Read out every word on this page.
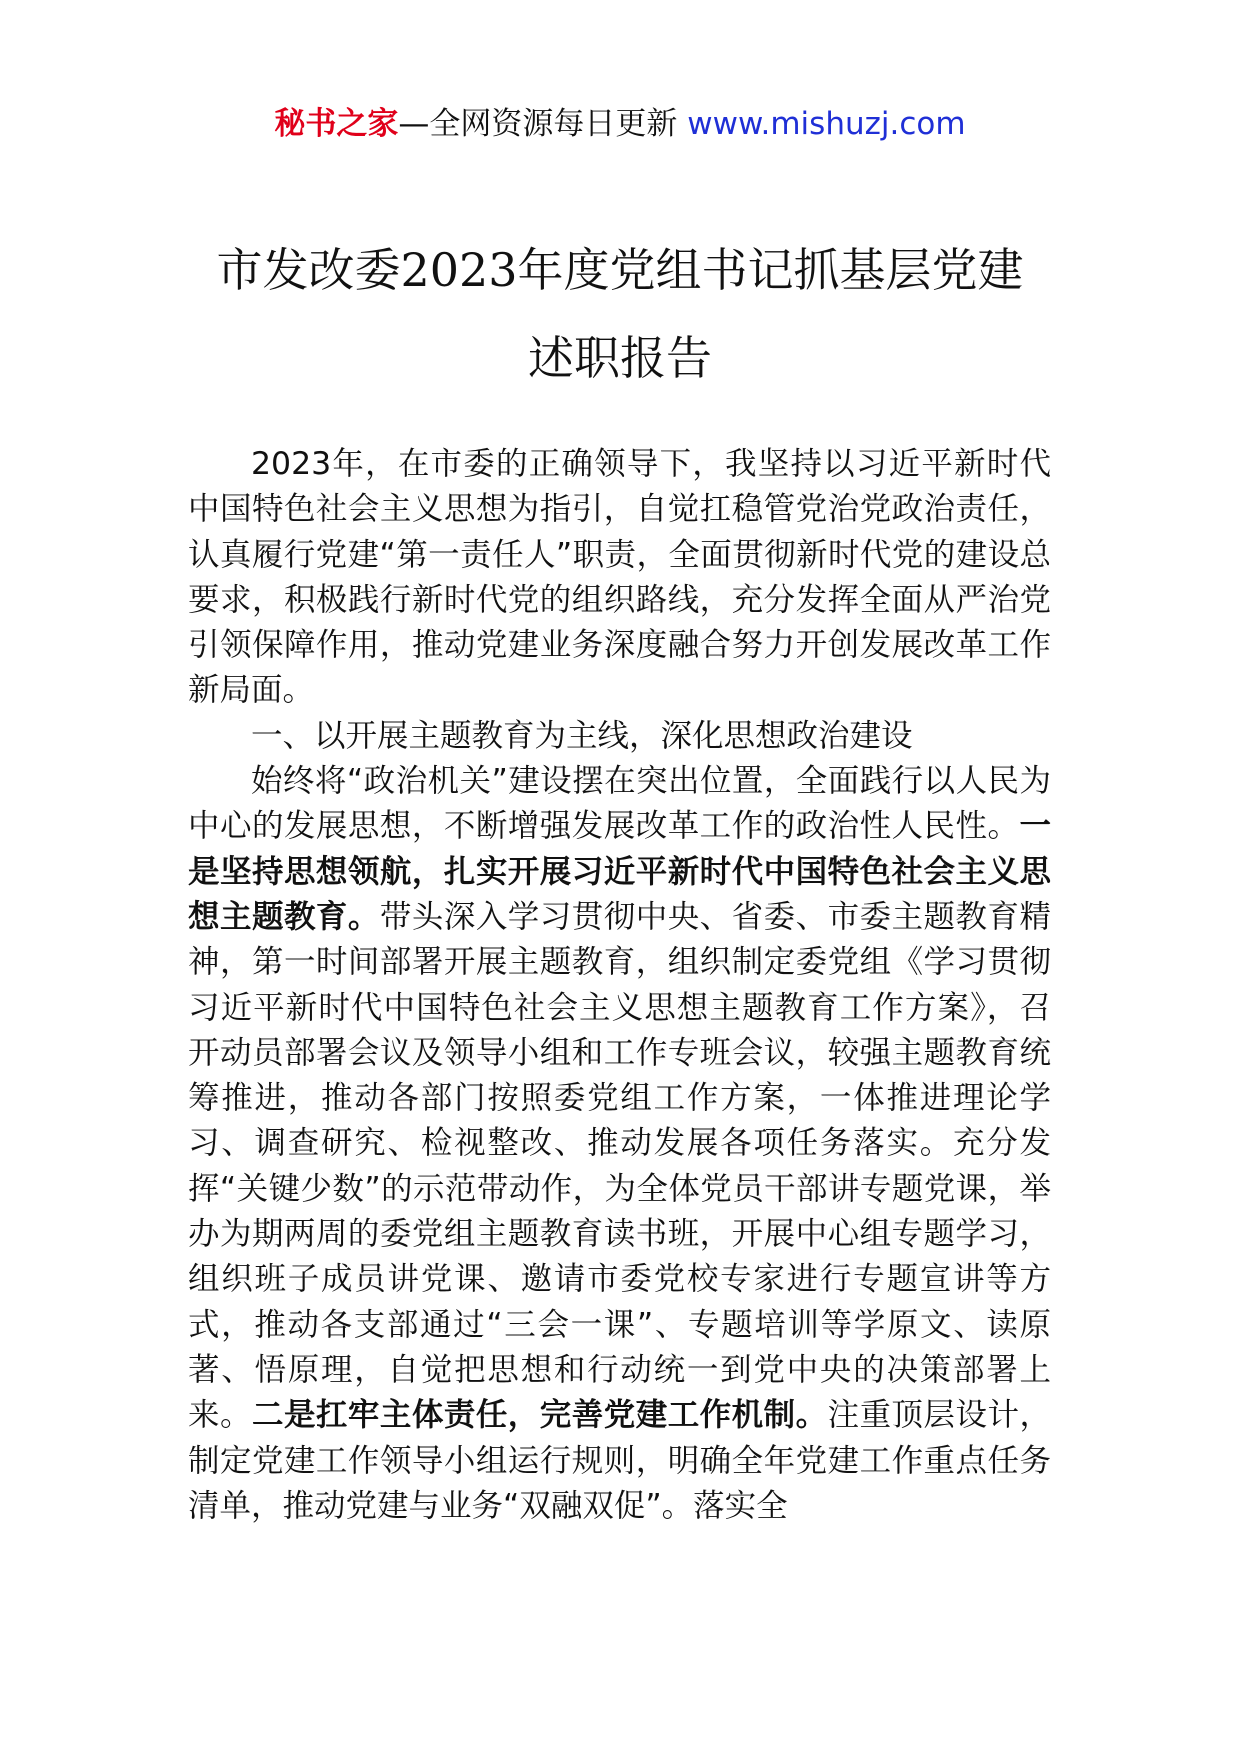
秘书之家—全网资源每日更新 www.mishuzj.com
市发改委2023年度党组书记抓基层党建
述职报告

2023年，在市委的正确领导下，我坚持以习近平新时代中国特色社会主义思想为指引，自觉扛稳管党治党政治责任，认真履行党建“第一责任人”职责，全面贯彻新时代党的建设总要求，积极践行新时代党的组织路线，充分发挥全面从严治党引领保障作用，推动党建业务深度融合努力开创发展改革工作新局面。

一、以开展主题教育为主线，深化思想政治建设

始终将“政治机关”建设摆在突出位置，全面践行以人民为中心的发展思想，不断增强发展改革工作的政治性人民性。一是坚持思想领航，扎实开展习近平新时代中国特色社会主义思想主题教育。带头深入学习贯彻中央、省委、市委主题教育精神，第一时间部署开展主题教育，组织制定委党组《学习贯彻习近平新时代中国特色社会主义思想主题教育工作方案》，召开动员部署会议及领导小组和工作专班会议，较强主题教育统筹推进，推动各部门按照委党组工作方案，一体推进理论学习、调查研究、检视整改、推动发展各项任务落实。充分发挥“关键少数”的示范带动作，为全体党员干部讲专题党课，举办为期两周的委党组主题教育读书班，开展中心组专题学习，组织班子成员讲党课、邀请市委党校专家进行专题宣讲等方式，推动各支部通过“三会一课”、专题培训等学原文、读原著、悟原理，自觉把思想和行动统一到党中央的决策部署上来。二是扛牢主体责任，完善党建工作机制。注重顶层设计，制定党建工作领导小组运行规则，明确全年党建工作重点任务清单，推动党建与业务“双融双促”。落实全
